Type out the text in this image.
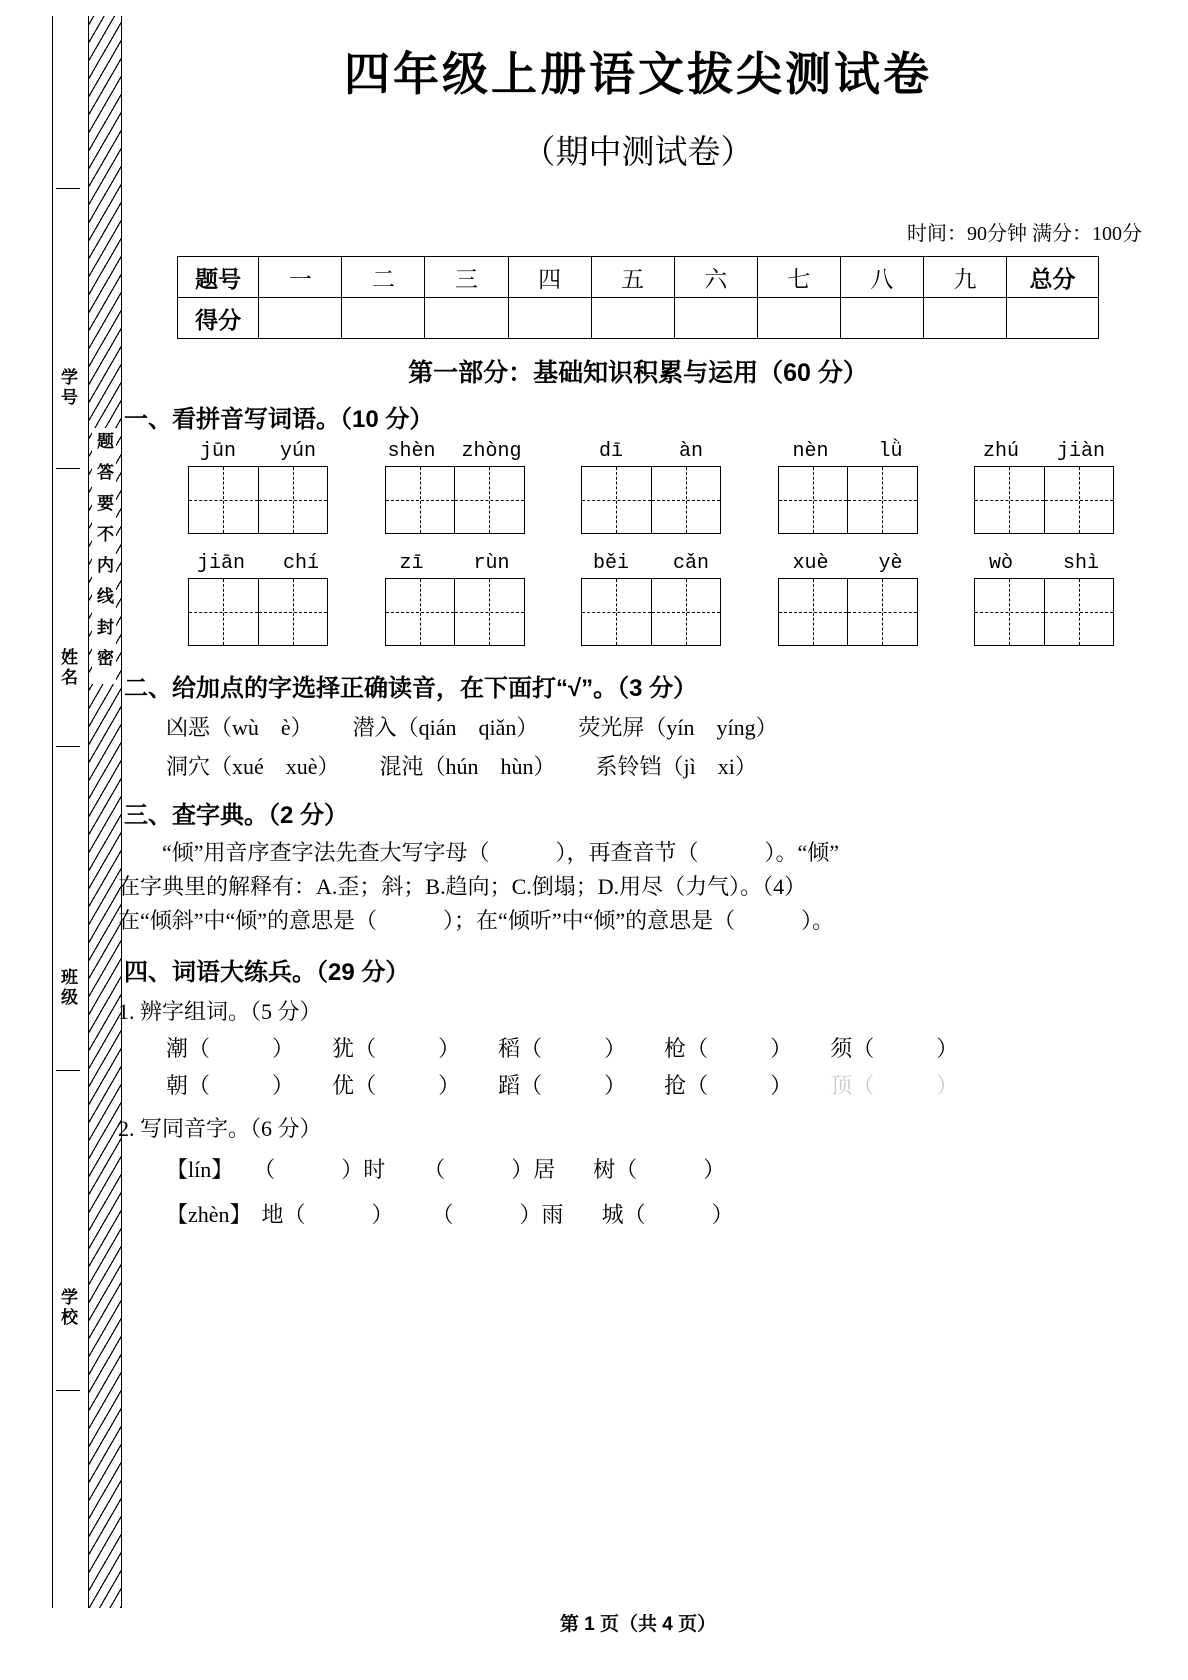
学号
姓名
班级
学校
题答要不内线封密
四年级上册语文拔尖测试卷
（期中测试卷）
时间：90分钟 满分：100分
题号	一	二	三	四	五	六	七	八	九	总分
得分										
第一部分：基础知识积累与运用（60 分）
一、看拼音写词语。（10 分）
jūn yún	shèn zhòng	dī	àn	nèn lǜ	zhú jiàn
jiān chí	zī rùn	běi cǎn	xuè yè	wò shì
二、给加点的字选择正确读音，在下面打“√”。（3 分）
凶恶（wù　è） 潜入（qián　qiǎn） 荧光屏（yín　yíng）
洞穴（xué　xuè） 混沌（hún　hùn） 系铃铛（jì　xi）
三、查字典。（2 分）
“倾”用音序查字法先查大写字母（　　　），再查音节（　　　）。“倾”
在字典里的解释有：A.歪；斜；B.趋向；C.倒塌；D.用尽（力气）。（4）
在“倾斜”中“倾”的意思是（　　　）；在“倾听”中“倾”的意思是（　　　）。
四、词语大练兵。（29 分）
1. 辨字组词。（5 分）
潮（	） 犹（	） 稻（	） 枪（	） 须（	）
朝（	） 优（	） 蹈（	） 抢（	） 顶（	）
2. 写同音字。（6 分）
【lín】 （　　　）时 （　　　）居 树（　　　）
【zhèn】 地（　　　） （　　　）雨 城（　　　）
第 1 页（共 4 页）
